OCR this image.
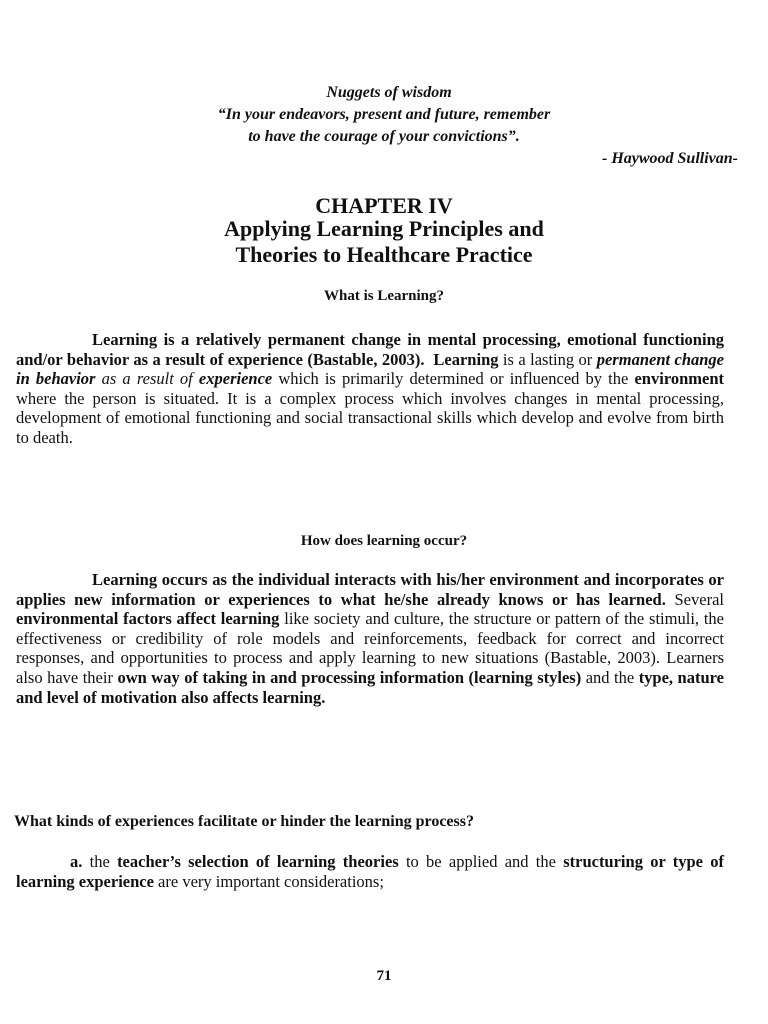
Nuggets of wisdom
“In your endeavors, present and future, remember
to have the courage of your convictions”.
- Haywood Sullivan-
CHAPTER IV
Applying Learning Principles and
Theories to Healthcare Practice
What is Learning?
Learning is a relatively permanent change in mental processing, emotional functioning and/or behavior as a result of experience (Bastable, 2003). Learning is a lasting or permanent change in behavior as a result of experience which is primarily determined or influenced by the environment where the person is situated. It is a complex process which involves changes in mental processing, development of emotional functioning and social transactional skills which develop and evolve from birth to death.
How does learning occur?
Learning occurs as the individual interacts with his/her environment and incorporates or applies new information or experiences to what he/she already knows or has learned. Several environmental factors affect learning like society and culture, the structure or pattern of the stimuli, the effectiveness or credibility of role models and reinforcements, feedback for correct and incorrect responses, and opportunities to process and apply learning to new situations (Bastable, 2003). Learners also have their own way of taking in and processing information (learning styles) and the type, nature and level of motivation also affects learning.
What kinds of experiences facilitate or hinder the learning process?
a. the teacher’s selection of learning theories to be applied and the structuring or type of learning experience are very important considerations;
71
